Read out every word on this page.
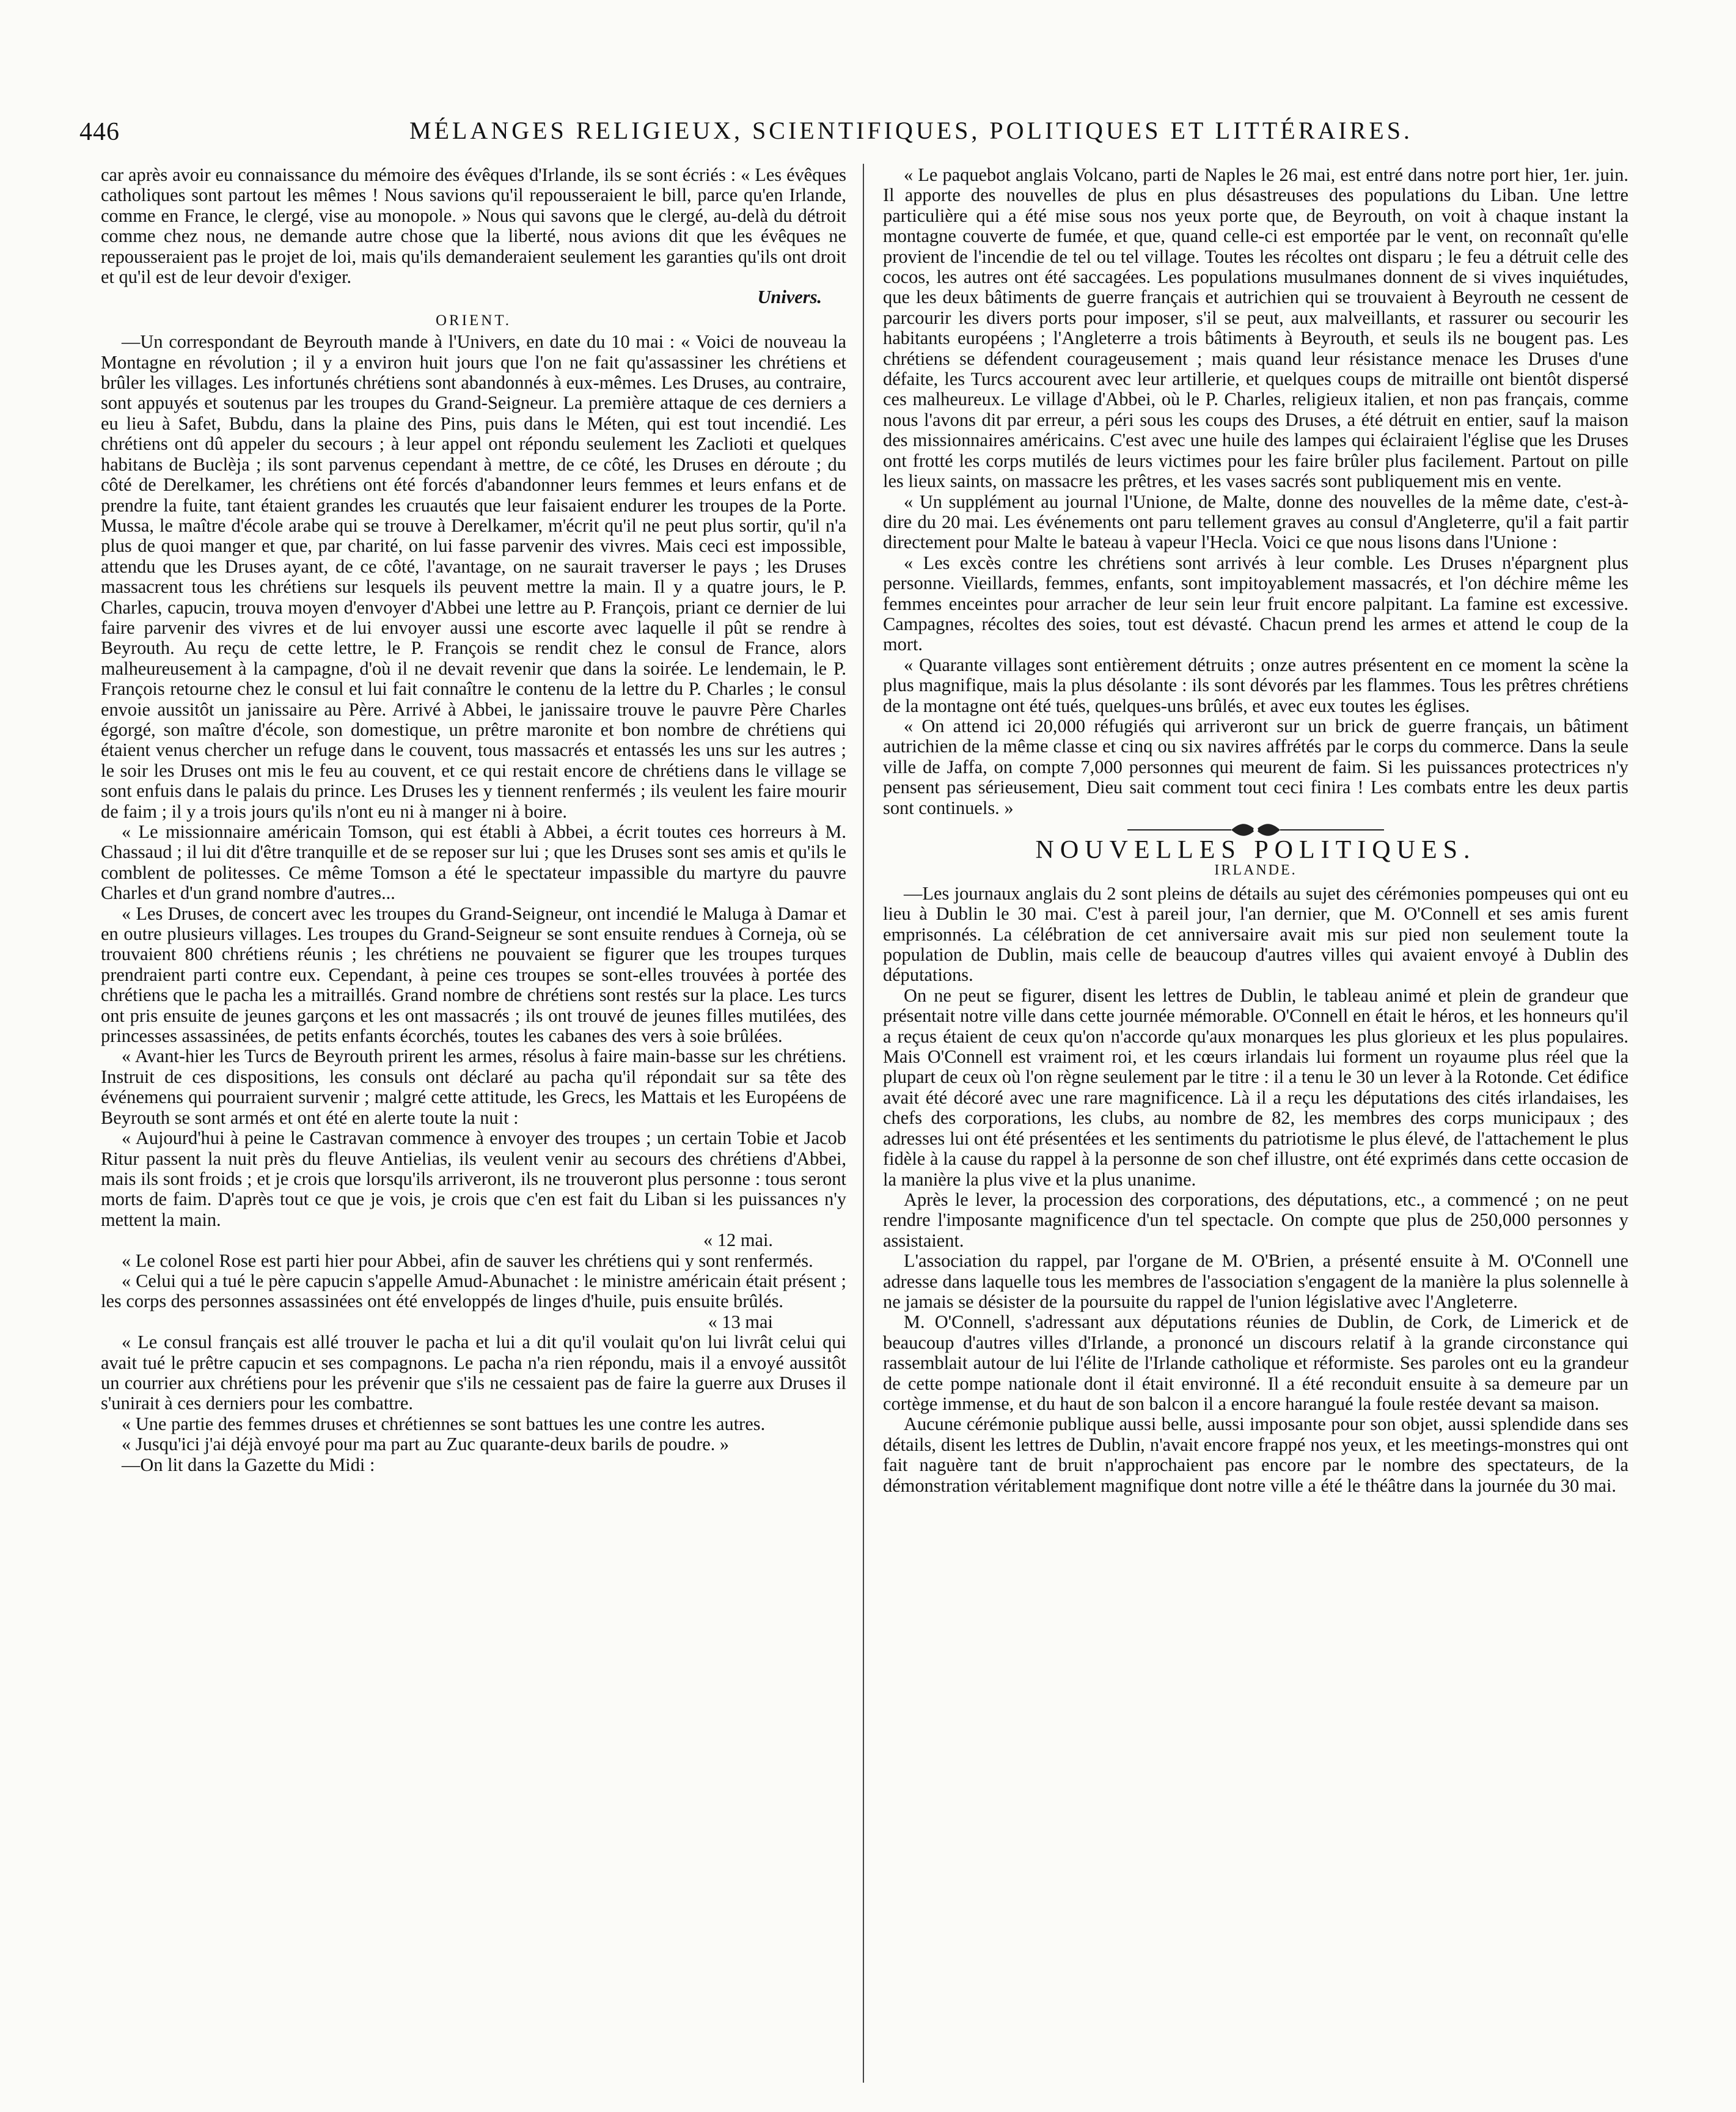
446	MÉLANGES RELIGIEUX, SCIENTIFIQUES, POLITIQUES ET LITTÉRAIRES.

car après avoir eu connaissance du mémoire des évêques d'Irlande, ils se sont écriés : « Les évêques catholiques sont partout les mêmes ! Nous savions qu'il repousseraient le bill, parce qu'en Irlande, comme en France, le clergé, vise au monopole. » Nous qui savons que le clergé, au-delà du détroit comme chez nous, ne demande autre chose que la liberté, nous avions dit que les évêques ne repousseraient pas le projet de loi, mais qu'ils demanderaient seulement les garanties qu'ils ont droit et qu'il est de leur devoir d'exiger.

Univers.

ORIENT.

—Un correspondant de Beyrouth mande à l'Univers, en date du 10 mai : « Voici de nouveau la Montagne en révolution ; il y a environ huit jours que l'on ne fait qu'assassiner les chrétiens et brûler les villages. Les infortunés chrétiens sont abandonnés à eux-mêmes. Les Druses, au contraire, sont appuyés et soutenus par les troupes du Grand-Seigneur. La première attaque de ces derniers a eu lieu à Safet, Bubdu, dans la plaine des Pins, puis dans le Méten, qui est tout incendié. Les chrétiens ont dû appeler du secours ; à leur appel ont répondu seulement les Zaclioti et quelques habitans de Buclèja ; ils sont parvenus cependant à mettre, de ce côté, les Druses en déroute ; du côté de Derelkamer, les chrétiens ont été forcés d'abandonner leurs femmes et leurs enfans et de prendre la fuite, tant étaient grandes les cruautés que leur faisaient endurer les troupes de la Porte. Mussa, le maître d'école arabe qui se trouve à Derelkamer, m'écrit qu'il ne peut plus sortir, qu'il n'a plus de quoi manger et que, par charité, on lui fasse parvenir des vivres. Mais ceci est impossible, attendu que les Druses ayant, de ce côté, l'avantage, on ne saurait traverser le pays ; les Druses massacrent tous les chrétiens sur lesquels ils peuvent mettre la main. Il y a quatre jours, le P. Charles, capucin, trouva moyen d'envoyer d'Abbei une lettre au P. François, priant ce dernier de lui faire parvenir des vivres et de lui envoyer aussi une escorte avec laquelle il pût se rendre à Beyrouth. Au reçu de cette lettre, le P. François se rendit chez le consul de France, alors malheureusement à la campagne, d'où il ne devait revenir que dans la soirée. Le lendemain, le P. François retourne chez le consul et lui fait connaître le contenu de la lettre du P. Charles ; le consul envoie aussitôt un janissaire au Père. Arrivé à Abbei, le janissaire trouve le pauvre Père Charles égorgé, son maître d'école, son domestique, un prêtre maronite et bon nombre de chrétiens qui étaient venus chercher un refuge dans le couvent, tous massacrés et entassés les uns sur les autres ; le soir les Druses ont mis le feu au couvent, et ce qui restait encore de chrétiens dans le village se sont enfuis dans le palais du prince. Les Druses les y tiennent renfermés ; ils veulent les faire mourir de faim ; il y a trois jours qu'ils n'ont eu ni à manger ni à boire.

« Le missionnaire américain Tomson, qui est établi à Abbei, a écrit toutes ces horreurs à M. Chassaud ; il lui dit d'être tranquille et de se reposer sur lui ; que les Druses sont ses amis et qu'ils le comblent de politesses. Ce même Tomson a été le spectateur impassible du martyre du pauvre Charles et d'un grand nombre d'autres...

« Les Druses, de concert avec les troupes du Grand-Seigneur, ont incendié le Maluga à Damar et en outre plusieurs villages. Les troupes du Grand-Seigneur se sont ensuite rendues à Corneja, où se trouvaient 800 chrétiens réunis ; les chrétiens ne pouvaient se figurer que les troupes turques prendraient parti contre eux. Cependant, à peine ces troupes se sont-elles trouvées à portée des chrétiens que le pacha les a mitraillés. Grand nombre de chrétiens sont restés sur la place. Les turcs ont pris ensuite de jeunes garçons et les ont massacrés ; ils ont trouvé de jeunes filles mutilées, des princesses assassinées, de petits enfants écorchés, toutes les cabanes des vers à soie brûlées.

« Avant-hier les Turcs de Beyrouth prirent les armes, résolus à faire main-basse sur les chrétiens. Instruit de ces dispositions, les consuls ont déclaré au pacha qu'il répondait sur sa tête des événemens qui pourraient survenir ; malgré cette attitude, les Grecs, les Mattais et les Européens de Beyrouth se sont armés et ont été en alerte toute la nuit :

« Aujourd'hui à peine le Castravan commence à envoyer des troupes ; un certain Tobie et Jacob Ritur passent la nuit près du fleuve Antielias, ils veulent venir au secours des chrétiens d'Abbei, mais ils sont froids ; et je crois que lorsqu'ils arriveront, ils ne trouveront plus personne : tous seront morts de faim. D'après tout ce que je vois, je crois que c'en est fait du Liban si les puissances n'y mettent la main.

« 12 mai.

« Le colonel Rose est parti hier pour Abbei, afin de sauver les chrétiens qui y sont renfermés.

« Celui qui a tué le père capucin s'appelle Amud-Abunachet : le ministre américain était présent ; les corps des personnes assassinées ont été enveloppés de linges d'huile, puis ensuite brûlés.

« 13 mai

« Le consul français est allé trouver le pacha et lui a dit qu'il voulait qu'on lui livrât celui qui avait tué le prêtre capucin et ses compagnons. Le pacha n'a rien répondu, mais il a envoyé aussitôt un courrier aux chrétiens pour les prévenir que s'ils ne cessaient pas de faire la guerre aux Druses il s'unirait à ces derniers pour les combattre.

« Une partie des femmes druses et chrétiennes se sont battues les une contre les autres.

« Jusqu'ici j'ai déjà envoyé pour ma part au Zuc quarante-deux barils de poudre. »

—On lit dans la Gazette du Midi :

« Le paquebot anglais Volcano, parti de Naples le 26 mai, est entré dans notre port hier, 1er. juin. Il apporte des nouvelles de plus en plus désastreuses des populations du Liban. Une lettre particulière qui a été mise sous nos yeux porte que, de Beyrouth, on voit à chaque instant la montagne couverte de fumée, et que, quand celle-ci est emportée par le vent, on reconnaît qu'elle provient de l'incendie de tel ou tel village. Toutes les récoltes ont disparu ; le feu a détruit celle des cocos, les autres ont été saccagées. Les populations musulmanes donnent de si vives inquiétudes, que les deux bâtiments de guerre français et autrichien qui se trouvaient à Beyrouth ne cessent de parcourir les divers ports pour imposer, s'il se peut, aux malveillants, et rassurer ou secourir les habitants européens ; l'Angleterre a trois bâtiments à Beyrouth, et seuls ils ne bougent pas. Les chrétiens se défendent courageusement ; mais quand leur résistance menace les Druses d'une défaite, les Turcs accourent avec leur artillerie, et quelques coups de mitraille ont bientôt dispersé ces malheureux. Le village d'Abbei, où le P. Charles, religieux italien, et non pas français, comme nous l'avons dit par erreur, a péri sous les coups des Druses, a été détruit en entier, sauf la maison des missionnaires américains. C'est avec une huile des lampes qui éclairaient l'église que les Druses ont frotté les corps mutilés de leurs victimes pour les faire brûler plus facilement. Partout on pille les lieux saints, on massacre les prêtres, et les vases sacrés sont publiquement mis en vente.

« Un supplément au journal l'Unione, de Malte, donne des nouvelles de la même date, c'est-à-dire du 20 mai. Les événements ont paru tellement graves au consul d'Angleterre, qu'il a fait partir directement pour Malte le bateau à vapeur l'Hecla. Voici ce que nous lisons dans l'Unione :

« Les excès contre les chrétiens sont arrivés à leur comble. Les Druses n'épargnent plus personne. Vieillards, femmes, enfants, sont impitoyablement massacrés, et l'on déchire même les femmes enceintes pour arracher de leur sein leur fruit encore palpitant. La famine est excessive. Campagnes, récoltes des soies, tout est dévasté. Chacun prend les armes et attend le coup de la mort.

« Quarante villages sont entièrement détruits ; onze autres présentent en ce moment la scène la plus magnifique, mais la plus désolante : ils sont dévorés par les flammes. Tous les prêtres chrétiens de la montagne ont été tués, quelques-uns brûlés, et avec eux toutes les églises.

« On attend ici 20,000 réfugiés qui arriveront sur un brick de guerre français, un bâtiment autrichien de la même classe et cinq ou six navires affrétés par le corps du commerce. Dans la seule ville de Jaffa, on compte 7,000 personnes qui meurent de faim. Si les puissances protectrices n'y pensent pas sérieusement, Dieu sait comment tout ceci finira ! Les combats entre les deux partis sont continuels. »

NOUVELLES POLITIQUES.

IRLANDE.

—Les journaux anglais du 2 sont pleins de détails au sujet des cérémonies pompeuses qui ont eu lieu à Dublin le 30 mai. C'est à pareil jour, l'an dernier, que M. O'Connell et ses amis furent emprisonnés. La célébration de cet anniversaire avait mis sur pied non seulement toute la population de Dublin, mais celle de beaucoup d'autres villes qui avaient envoyé à Dublin des députations.

On ne peut se figurer, disent les lettres de Dublin, le tableau animé et plein de grandeur que présentait notre ville dans cette journée mémorable. O'Connell en était le héros, et les honneurs qu'il a reçus étaient de ceux qu'on n'accorde qu'aux monarques les plus glorieux et les plus populaires. Mais O'Connell est vraiment roi, et les cœurs irlandais lui forment un royaume plus réel que la plupart de ceux où l'on règne seulement par le titre : il a tenu le 30 un lever à la Rotonde. Cet édifice avait été décoré avec une rare magnificence. Là il a reçu les députations des cités irlandaises, les chefs des corporations, les clubs, au nombre de 82, les membres des corps municipaux ; des adresses lui ont été présentées et les sentiments du patriotisme le plus élevé, de l'attachement le plus fidèle à la cause du rappel à la personne de son chef illustre, ont été exprimés dans cette occasion de la manière la plus vive et la plus unanime.

Après le lever, la procession des corporations, des députations, etc., a commencé ; on ne peut rendre l'imposante magnificence d'un tel spectacle. On compte que plus de 250,000 personnes y assistaient.

L'association du rappel, par l'organe de M. O'Brien, a présenté ensuite à M. O'Connell une adresse dans laquelle tous les membres de l'association s'engagent de la manière la plus solennelle à ne jamais se désister de la poursuite du rappel de l'union législative avec l'Angleterre.

M. O'Connell, s'adressant aux députations réunies de Dublin, de Cork, de Limerick et de beaucoup d'autres villes d'Irlande, a prononcé un discours relatif à la grande circonstance qui rassemblait autour de lui l'élite de l'Irlande catholique et réformiste. Ses paroles ont eu la grandeur de cette pompe nationale dont il était environné. Il a été reconduit ensuite à sa demeure par un cortège immense, et du haut de son balcon il a encore harangué la foule restée devant sa maison.

Aucune cérémonie publique aussi belle, aussi imposante pour son objet, aussi splendide dans ses détails, disent les lettres de Dublin, n'avait encore frappé nos yeux, et les meetings-monstres qui ont fait naguère tant de bruit n'approchaient pas encore par le nombre des spectateurs, de la démonstration véritablement magnifique dont notre ville a été le théâtre dans la journée du 30 mai.
